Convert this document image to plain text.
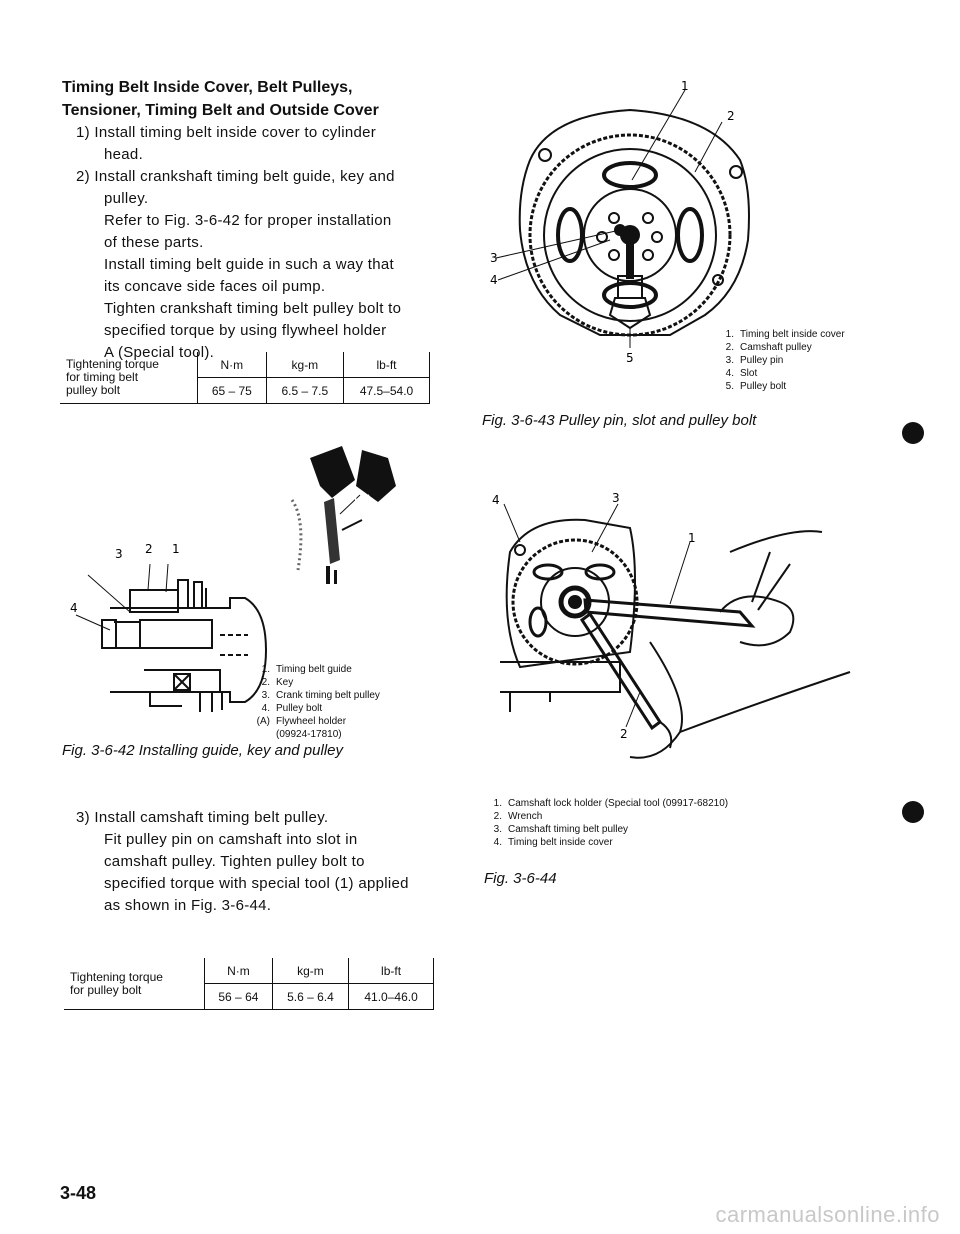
Timing Belt Inside Cover, Belt Pulleys,
Tensioner, Timing Belt and Outside Cover
1) Install timing belt inside cover to cylinder
head.
2) Install crankshaft timing belt guide, key and
pulley.
Refer to Fig. 3-6-42 for proper installation
of these parts.
Install timing belt guide in such a way that
its concave side faces oil pump.
Tighten crankshaft timing belt pulley bolt to
specified torque by using flywheel holder
A (Special tool).
Tightening torque
for timing belt
pulley bolt	N·m	kg-m	lb-ft
	65 – 75	6.5 – 7.5	47.5–54.0
3 2 1
4
(A)
1. Timing belt guide
2. Key
3. Crank timing belt pulley
4. Pulley bolt
(A) Flywheel holder
(09924-17810)
Fig. 3-6-42 Installing guide, key and pulley
3) Install camshaft timing belt pulley.
Fit pulley pin on camshaft into slot in
camshaft pulley. Tighten pulley bolt to
specified torque with special tool (1) applied
as shown in Fig. 3-6-44.
Tightening torque
for pulley bolt	N·m	kg-m	lb-ft
	56 – 64	5.6 – 6.4	41.0–46.0
1
2
3
4
5
1. Timing belt inside cover
2. Camshaft pulley
3. Pulley pin
4. Slot
5. Pulley bolt
Fig. 3-6-43 Pulley pin, slot and pulley bolt
4	3
1
2
1. Camshaft lock holder (Special tool (09917-68210)
2. Wrench
3. Camshaft timing belt pulley
4. Timing belt inside cover
Fig. 3-6-44
3-48
carmanualsonline.info
